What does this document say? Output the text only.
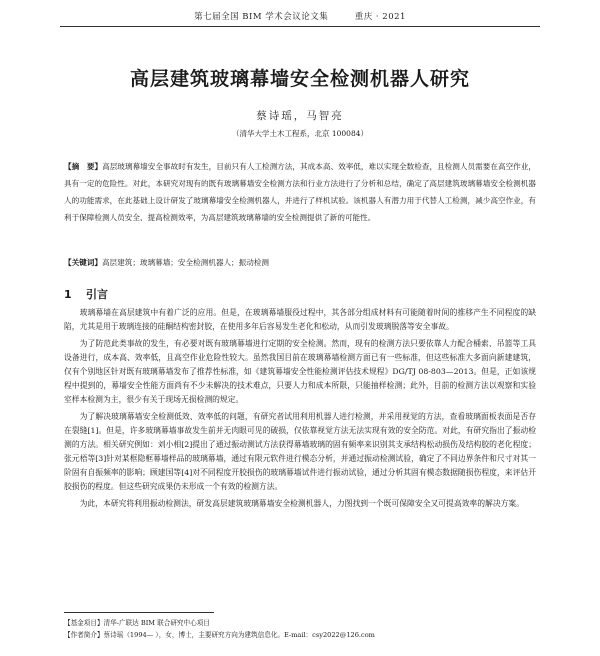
第七届全国 BIM 学术会议论文集	重庆 · 2021
高层建筑玻璃幕墙安全检测机器人研究
蔡诗瑶，马智亮
（清华大学土木工程系，北京 100084）
【摘　要】高层玻璃幕墙安全事故时有发生，目前只有人工检测方法，其成本高、效率低，难以实现全数检查，且检测人员需要在高空作业，具有一定的危险性。对此，本研究对现有的既有玻璃幕墙安全检测方法和行业方法进行了分析和总结，确定了高层建筑玻璃幕墙安全检测机器人的功能需求，在此基础上设计研发了玻璃幕墙安全检测机器人，并进行了样机试验。该机器人有潜力用于代替人工检测，减少高空作业，有利于保障检测人员安全、提高检测效率，为高层建筑玻璃幕墙的安全检测提供了新的可能性。
【关键词】高层建筑；玻璃幕墙；安全检测机器人；振动检测
1 引言

玻璃幕墙在高层建筑中有着广泛的应用。但是，在玻璃幕墙服役过程中，其各部分组成材料有可能随着时间的推移产生不同程度的缺陷，尤其是用于玻璃连接的硅酮结构密封胶，在使用多年后容易发生老化和松动，从而引发玻璃脱落等安全事故。

为了防范此类事故的发生，有必要对既有玻璃幕墙进行定期的安全检测。然而，现有的检测方法只要依靠人力配合桶索、吊篮等工具设备进行，成本高、效率低，且高空作业危险性较大。虽然我国目前在玻璃幕墙检测方面已有一些标准，但这些标准大多面向新建建筑，仅有个别地区针对既有玻璃幕墙发布了推荐性标准，如《建筑幕墙安全性能检测评估技术规程》DG/TJ 08-803—2013。但是，正如该规程中提到的，幕墙安全性能方面尚有不少未解决的技术难点，只要人力和成本所限，只能抽样检测；此外，目前的检测方法以观察和实验室样本检测为主，很少有关于现场无损检测的规定。

为了解决玻璃幕墙安全检测低效、效率低的问题，有研究者试用利用机器人进行检测，并采用视觉的方法，查看玻璃面板表面是否存在裂缝[1]。但是，许多玻璃幕墙事故发生前并无肉眼可见的破损，仅依靠视觉方法无法实现有效的安全防范。对此，有研究指出了振动检测的方法。相关研究例如：刘小相[2]提出了通过振动测试方法获得幕墙玻璃的固有频率来识别其支承结构松动损伤及结构胶的老化程度；张元梧等[3]针对某框隐框幕墙样品的玻璃幕墙，通过有限元软件进行模态分析，并通过振动检测试验，确定了不同边界条件和尺寸对其一阶固有自振频率的影响；顾建国等[4]对不同程度开胶损伤的玻璃幕墙试件进行振动试验，通过分析其固有模态数据随损伤程度，来评估开胶损伤的程度。但这些研究成果仍未形成一个有效的检测方法。

为此，本研究将利用振动检测法，研发高层建筑玻璃幕墙安全检测机器人，力图找到一个既可保障安全又可提高效率的解决方案。

【基金项目】清华-广联达 BIM 联合研究中心项目
【作者简介】蔡诗瑶（1994— ），女，博士，主要研究方向为建筑信息化。E-mail：csy2022@126.com
